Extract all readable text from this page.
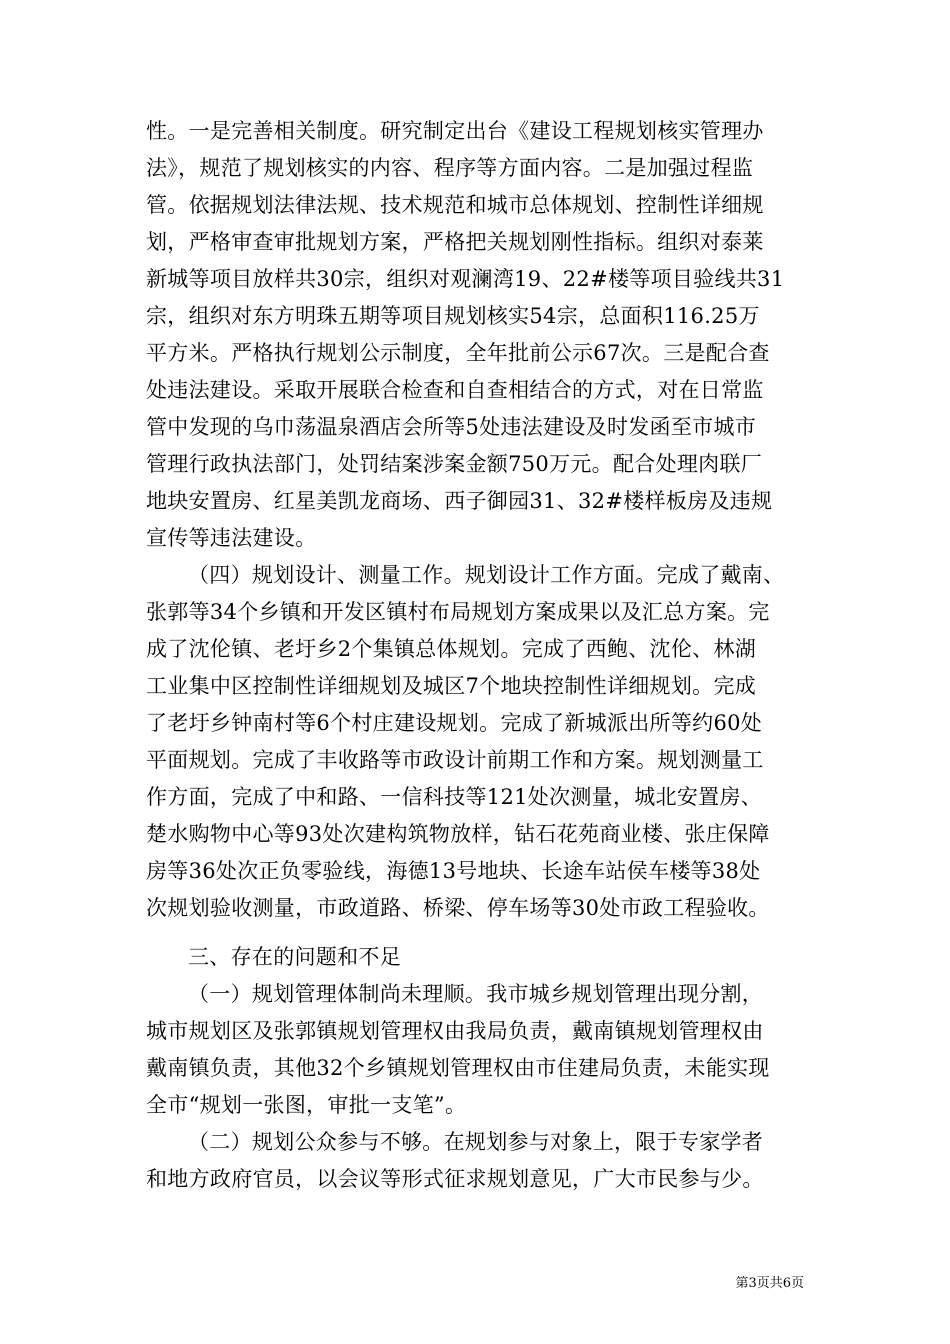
性。一是完善相关制度。研究制定出台《建设工程规划核实管理办
法》，规范了规划核实的内容、程序等方面内容。二是加强过程监
管。依据规划法律法规、技术规范和城市总体规划、控制性详细规
划，严格审查审批规划方案，严格把关规划刚性指标。组织对泰莱
新城等项目放样共30宗，组织对观澜湾19、22#楼等项目验线共31
宗，组织对东方明珠五期等项目规划核实54宗，总面积116.25万
平方米。严格执行规划公示制度，全年批前公示67次。三是配合查
处违法建设。采取开展联合检查和自查相结合的方式，对在日常监
管中发现的乌巾荡温泉酒店会所等5处违法建设及时发函至市城市
管理行政执法部门，处罚结案涉案金额750万元。配合处理肉联厂
地块安置房、红星美凯龙商场、西子御园31、32#楼样板房及违规
宣传等违法建设。
（四）规划设计、测量工作。规划设计工作方面。完成了戴南、
张郭等34个乡镇和开发区镇村布局规划方案成果以及汇总方案。完
成了沈伦镇、老圩乡2个集镇总体规划。完成了西鲍、沈伦、林湖
工业集中区控制性详细规划及城区7个地块控制性详细规划。完成
了老圩乡钟南村等6个村庄建设规划。完成了新城派出所等约60处
平面规划。完成了丰收路等市政设计前期工作和方案。规划测量工
作方面，完成了中和路、一信科技等121处次测量，城北安置房、
楚水购物中心等93处次建构筑物放样，钻石花苑商业楼、张庄保障
房等36处次正负零验线，海德13号地块、长途车站侯车楼等38处
次规划验收测量，市政道路、桥梁、停车场等30处市政工程验收。
三、存在的问题和不足
（一）规划管理体制尚未理顺。我市城乡规划管理出现分割，
城市规划区及张郭镇规划管理权由我局负责，戴南镇规划管理权由
戴南镇负责，其他32个乡镇规划管理权由市住建局负责，未能实现
全市“规划一张图，审批一支笔”。
（二）规划公众参与不够。在规划参与对象上，限于专家学者
和地方政府官员，以会议等形式征求规划意见，广大市民参与少。
第3页共6页
